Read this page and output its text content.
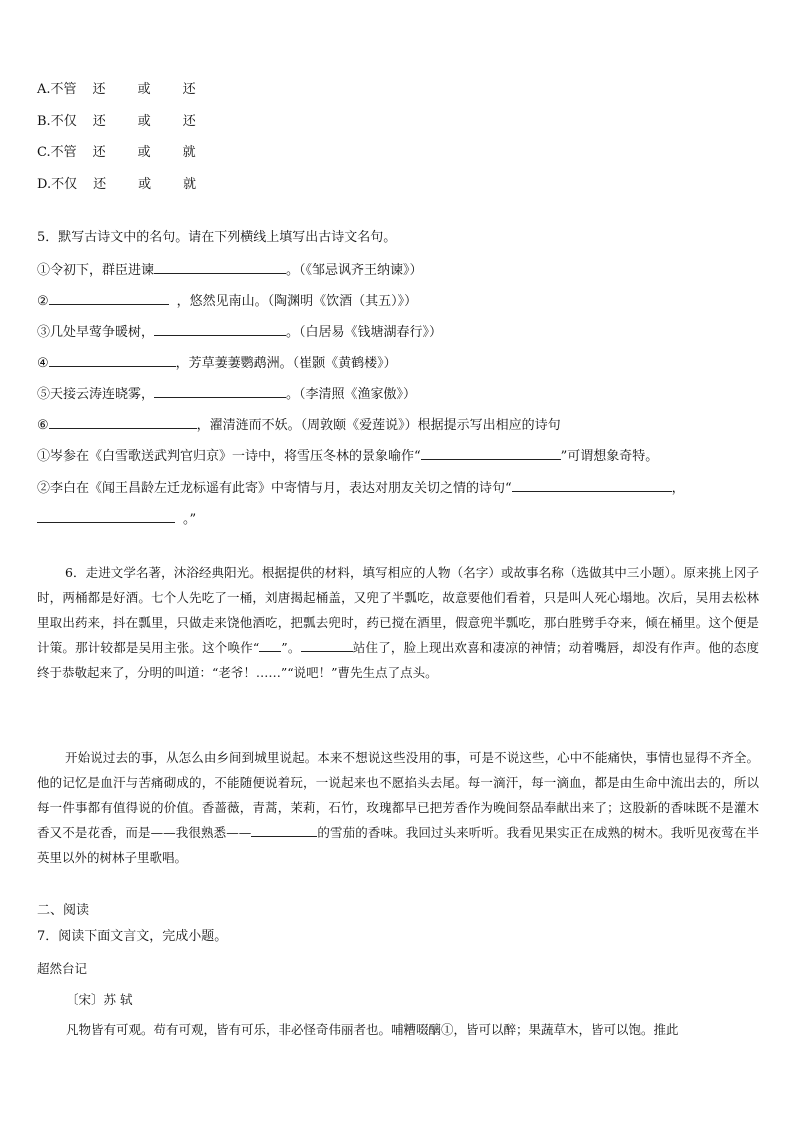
A.不管 还 或 还
B.不仅 还 或 还
C.不管 还 或 就
D.不仅 还 或 就
5．默写古诗文中的名句。请在下列横线上填写出古诗文名句。
①令初下，群臣进谏	。（《邹忌讽齐王纳谏》）
②	，悠然见南山。（陶渊明《饮酒（其五）》）
③几处早莺争暖树，	。（白居易《钱塘湖春行》）
④	，芳草萋萋鹦鹉洲。（崔颢《黄鹤楼》）
⑤天接云涛连晓雾，	。（李清照《渔家傲》）
⑥	，濯清涟而不妖。（周敦颐《爱莲说》）根据提示写出相应的诗句
①岑参在《白雪歌送武判官归京》一诗中，将雪压冬林的景象喻作“	”可谓想象奇特。
②李白在《闻王昌龄左迁龙标遥有此寄》中寄情与月，表达对朋友关切之情的诗句“	，
。”
6．走进文学名著，沐浴经典阳光。根据提供的材料，填写相应的人物（名字）或故事名称（选做其中三小题）。原来挑上冈子时，两桶都是好酒。七个人先吃了一桶，刘唐揭起桶盖，又兜了半瓢吃，故意要他们看着，只是叫人死心塌地。次后，吴用去松林里取出药来，抖在瓢里，只做走来饶他酒吃，把瓢去兜时，药已搅在酒里，假意兜半瓢吃，那白胜劈手夺来，倾在桶里。这个便是计策。那计较都是吴用主张。这个唤作“ ”。	站住了，脸上现出欢喜和凄凉的神情；动着嘴唇，却没有作声。他的态度终于恭敬起来了，分明的叫道：“老爷！……”“说吧！”曹先生点了点头。
开始说过去的事，从怎么由乡间到城里说起。本来不想说这些没用的事，可是不说这些，心中不能痛快，事情也显得不齐全。他的记忆是血汗与苦痛砌成的，不能随便说着玩，一说起来也不愿掐头去尾。每一滴汗，每一滴血，都是由生命中流出去的，所以每一件事都有值得说的价值。香蔷薇，青蒿，茉莉，石竹，玫瑰都早已把芳香作为晚间祭品奉献出来了；这股新的香味既不是灌木香又不是花香，而是——我很熟悉——	的雪茄的香味。我回过头来听听。我看见果实正在成熟的树木。我听见夜莺在半英里以外的树林子里歌唱。
二、阅读
7．阅读下面文言文，完成小题。
超然台记
〔宋〕苏 轼
凡物皆有可观。苟有可观，皆有可乐，非必怪奇伟丽者也。哺糟啜醨①，皆可以醉；果蔬草木，皆可以饱。推此
